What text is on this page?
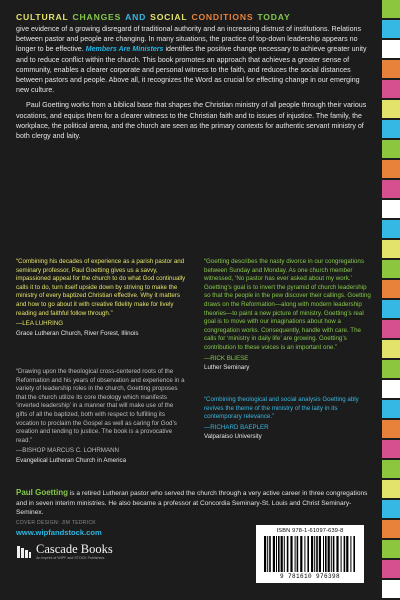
CULTURAL CHANGES AND SOCIAL CONDITIONS TODAY

give evidence of a growing disregard of traditional authority and an increasing distrust of institutions. Relations between pastor and people are changing. In many situations, the practice of top-down leadership appears no longer to be effective. Members Are Ministers identifies the positive change necessary to achieve greater unity and to reduce conflict within the church. This book promotes an approach that achieves a greater sense of community, enables a clearer corporate and personal witness to the faith, and reduces the social distances between pastors and people. Above all, it recognizes the Word as crucial for effecting change in our emerging new culture.

Paul Goetting works from a biblical base that shapes the Christian ministry of all people through their various vocations, and equips them for a clearer witness to the Christian faith and to issues of injustice. The family, the workplace, the political arena, and the church are seen as the primary contexts for authentic servant ministry of both clergy and laity.

“Combining his decades of experience as a parish pastor and seminary professor, Paul Goetting gives us a savvy, impassioned appeal for the church to do what God continually calls it to do, turn itself upside down by striving to make the ministry of every baptized Christian effective. Why it matters and how to go about it with creative fidelity make for lively reading and faithful follow through.”

—LEA LUHRING

Grace Lutheran Church, River Forest, Illinois

“Goetting describes the nasty divorce in our congregations between Sunday and Monday. As one church member witnessed, ‘No pastor has ever asked about my work.’ Goetting’s goal is to invert the pyramid of church leadership so that the people in the pew discover their callings. Goetting draws on the Reformation—along with modern leadership theories—to paint a new picture of ministry. Goetting’s real goal is to move with our imaginations about how a congregation works. Consequently, handle with care. The calls for ‘ministry in daily life’ are growing. Goetting’s contribution to these voices is an important one.”

—RICK BLIESE

Luther Seminary

“Drawing upon the theological cross-centered roots of the Reformation and his years of observation and experience in a variety of leadership roles in the church, Goetting proposes that the church utilize its core theology which manifests ‘inverted leadership’ in a manner that will make use of the gifts of all the baptized, both with respect to fulfilling its vocation to proclaim the Gospel as well as caring for God’s creation and tending to justice. The book is a provocative read.”

—BISHOP MARCUS C. LOHRMANN

Evangelical Lutheran Church in America

“Combining theological and social analysis Goetting ably revives the theme of the ministry of the laity in its contemporary relevance.”

—RICHARD BAEPLER

Valparaiso University

Paul Goetting is a retired Lutheran pastor who served the church through a very active career in three congregations and in seven interim ministries. He also became a professor at Concordia Seminary-St. Louis and Christ Seminary-Seminex.
COVER DESIGN: JIM TEDRICK
www.wipfandstock.com
Cascade Books
An Imprint of WIPF and STOCK Publishers
ISBN 978-1-61097-639-8
9 781610 976398
